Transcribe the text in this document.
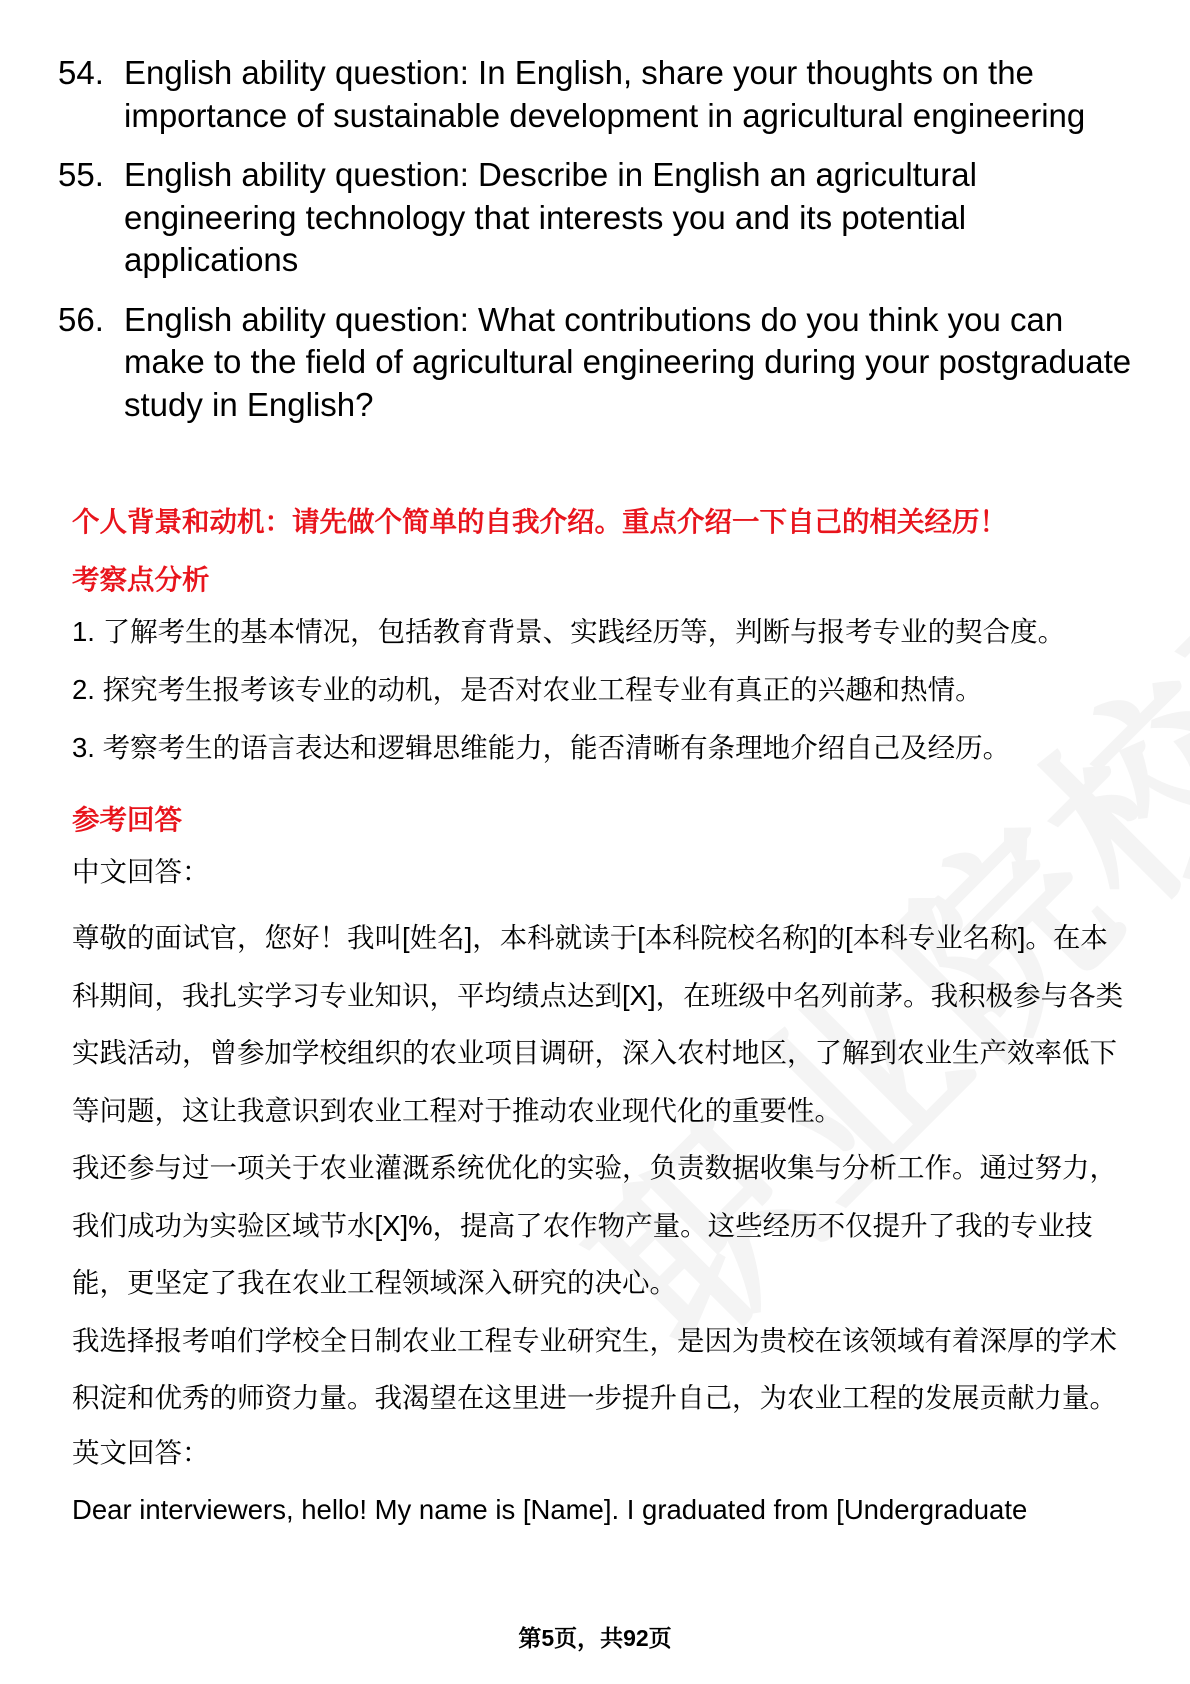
54. English ability question: In English, share your thoughts on the importance of sustainable development in agricultural engineering
55. English ability question: Describe in English an agricultural engineering technology that interests you and its potential applications
56. English ability question: What contributions do you think you can make to the field of agricultural engineering during your postgraduate study in English?
个人背景和动机：请先做个简单的自我介绍。重点介绍一下自己的相关经历！
考察点分析
1. 了解考生的基本情况，包括教育背景、实践经历等，判断与报考专业的契合度。
2. 探究考生报考该专业的动机，是否对农业工程专业有真正的兴趣和热情。
3. 考察考生的语言表达和逻辑思维能力，能否清晰有条理地介绍自己及经历。
参考回答
中文回答：
尊敬的面试官，您好！我叫[姓名]，本科就读于[本科院校名称]的[本科专业名称]。在本科期间，我扎实学习专业知识，平均绩点达到[X]，在班级中名列前茅。我积极参与各类实践活动，曾参加学校组织的农业项目调研，深入农村地区，了解到农业生产效率低下等问题，这让我意识到农业工程对于推动农业现代化的重要性。
我还参与过一项关于农业灌溉系统优化的实验，负责数据收集与分析工作。通过努力，我们成功为实验区域节水[X]%，提高了农作物产量。这些经历不仅提升了我的专业技能，更坚定了我在农业工程领域深入研究的决心。
我选择报考咱们学校全日制农业工程专业研究生，是因为贵校在该领域有着深厚的学术积淀和优秀的师资力量。我渴望在这里进一步提升自己，为农业工程的发展贡献力量。
英文回答：
Dear interviewers, hello! My name is [Name]. I graduated from [Undergraduate
第5页，共92页
